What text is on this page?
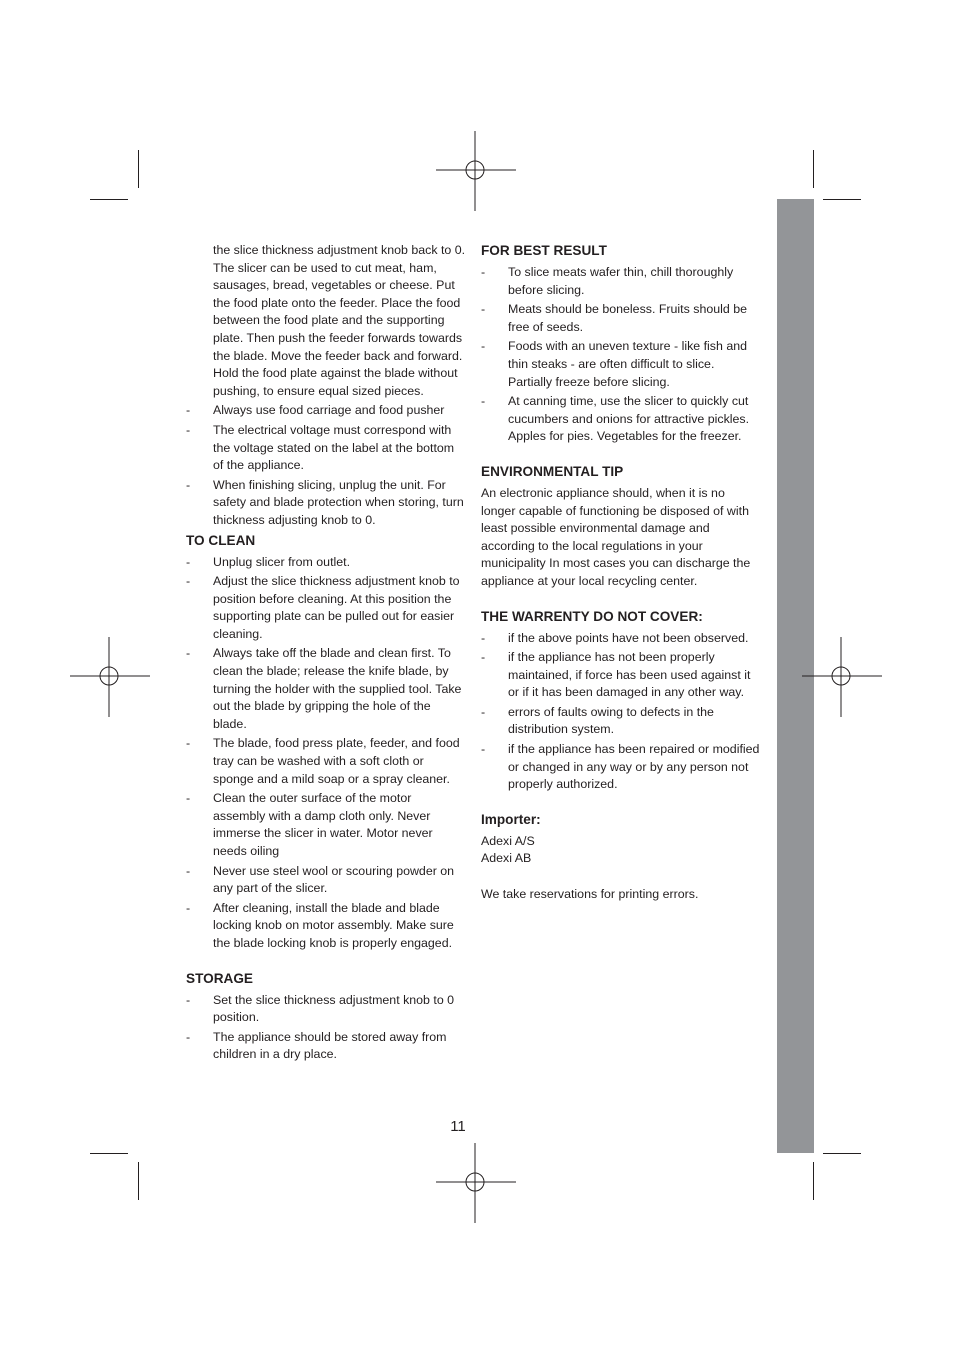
the slice thickness adjustment knob back to 0. The slicer can be used to cut meat, ham, sausages, bread, vegetables or cheese. Put the food plate onto the feeder. Place the food between the food plate and the supporting plate. Then push the feeder forwards towards the blade. Move the feeder back and forward. Hold the food plate against the blade without pushing, to ensure equal sized pieces.

- Always use food carriage and food pusher
- The electrical voltage must correspond with the voltage stated on the label at the bottom of the appliance.
- When finishing slicing, unplug the unit. For safety and blade protection when storing, turn thickness adjusting knob to 0.
TO CLEAN
- Unplug slicer from outlet.
- Adjust the slice thickness adjustment knob to position before cleaning. At this position the supporting plate can be pulled out for easier cleaning.
- Always take off the blade and clean first. To clean the blade; release the knife blade, by turning the holder with the supplied tool. Take out the blade by gripping the hole of the blade.
- The blade, food press plate, feeder, and food tray can be washed with a soft cloth or sponge and a mild soap or a spray cleaner.
- Clean the outer surface of the motor assembly with a damp cloth only. Never immerse the slicer in water. Motor never needs oiling
- Never use steel wool or scouring powder on any part of the slicer.
- After cleaning, install the blade and blade locking knob on motor assembly. Make sure the blade locking knob is properly engaged.
STORAGE
- Set the slice thickness adjustment knob to 0 position.
- The appliance should be stored away from children in a dry place.
FOR BEST RESULT
- To slice meats wafer thin, chill thoroughly before slicing.
- Meats should be boneless. Fruits should be free of seeds.
- Foods with an uneven texture - like fish and thin steaks - are often difficult to slice. Partially freeze before slicing.
- At canning time, use the slicer to quickly cut cucumbers and onions for attractive pickles. Apples for pies. Vegetables for the freezer.
ENVIRONMENTAL TIP

An electronic appliance should, when it is no longer capable of functioning be disposed of with least possible environmental damage and according to the local regulations in your municipality In most cases you can discharge the appliance at your local recycling center.

THE WARRENTY DO NOT COVER:
- if the above points have not been observed.
- if the appliance has not been properly maintained, if force has been used against it or if it has been damaged in any other way.
- errors of faults owing to defects in the distribution system.
- if the appliance has been repaired or modified or changed in any way or by any person not properly authorized.
Importer:

Adexi A/S

Adexi AB

We take reservations for printing errors.

11
